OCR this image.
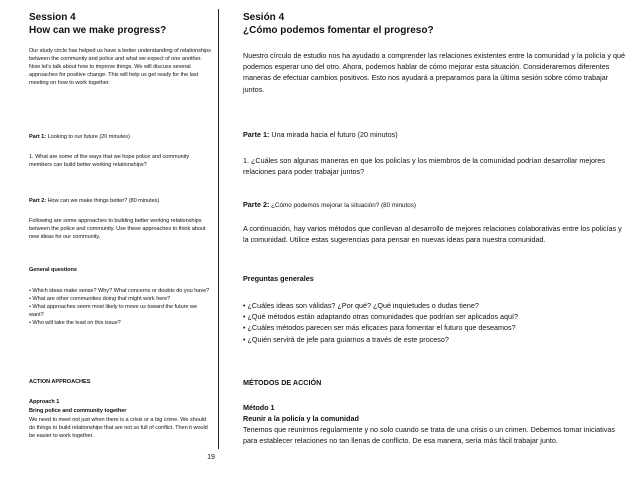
Session 4
How can we make progress?

Our study circle has helped us have a better understanding of relationships between the community and police and what we expect of one another. Now let’s talk about how to improve things. We will discuss several approaches for positive change. This will help us get ready for the last meeting on how to work together.

Part 1: Looking to our future (20 minutes)

1. What are some of the ways that we hope police and community members can build better working relationships?

Part 2: How can we make things better? (80 minutes)

Following are some approaches to building better working relationships between the police and community. Use these approaches to think about new ideas for our community.

General questions

• Which ideas make sense? Why? What concerns or doubts do you have?
• What are other communities doing that might work here?
• What approaches seem most likely to move us toward the future we want?
• Who will take the lead on this issue?

ACTION APPROACHES

Approach 1

Bring police and community together

We need to meet not just when there is a crisis or a big crime. We should do things to build relationships that are not so full of conflict. Then it would be easier to work together.

Sesión 4
¿Cómo podemos fomentar el progreso?

Nuestro círculo de estudio nos ha ayudado a comprender las relaciones existentes entre la comunidad y la policía y qué podemos esperar uno del otro. Ahora, podemos hablar de cómo mejorar esta situación. Consideraremos diferentes maneras de efectuar cambios positivos. Esto nos ayudará a prepararnos para la última sesión sobre cómo trabajar juntos.

Parte 1: Una mirada hacia el futuro (20 minutos)

1. ¿Cuáles son algunas maneras en que los policías y los miembros de la comunidad podrían desarrollar mejores relaciones para poder trabajar juntos?

Parte 2: ¿Cómo podemos mejorar la situación? (80 minutos)

A continuación, hay varios métodos que conllevan al desarrollo de mejores relaciones colaborativas entre los policías y la comunidad. Utilice estas sugerencias para pensar en nuevas ideas para nuestra comunidad.

Preguntas generales

• ¿Cuáles ideas son válidas? ¿Por qué? ¿Qué inquietudes o dudas tiene?
• ¿Qué métodos están adaptando otras comunidades que podrían ser aplicados aquí?
• ¿Cuáles métodos parecen ser más eficaces para fomentar el futuro que deseamos?
• ¿Quién servirá de jefe para guiarnos a través de este proceso?

MÉTODOS DE ACCIÓN

Método 1

Reunir a la policía y la comunidad

Tenemos que reunirnos regularmente y no solo cuando se trata de una crisis o un crimen. Debemos tomar iniciativas para establecer relaciones no tan llenas de conflicto. De esa manera, sería más fácil trabajar junto.

19
